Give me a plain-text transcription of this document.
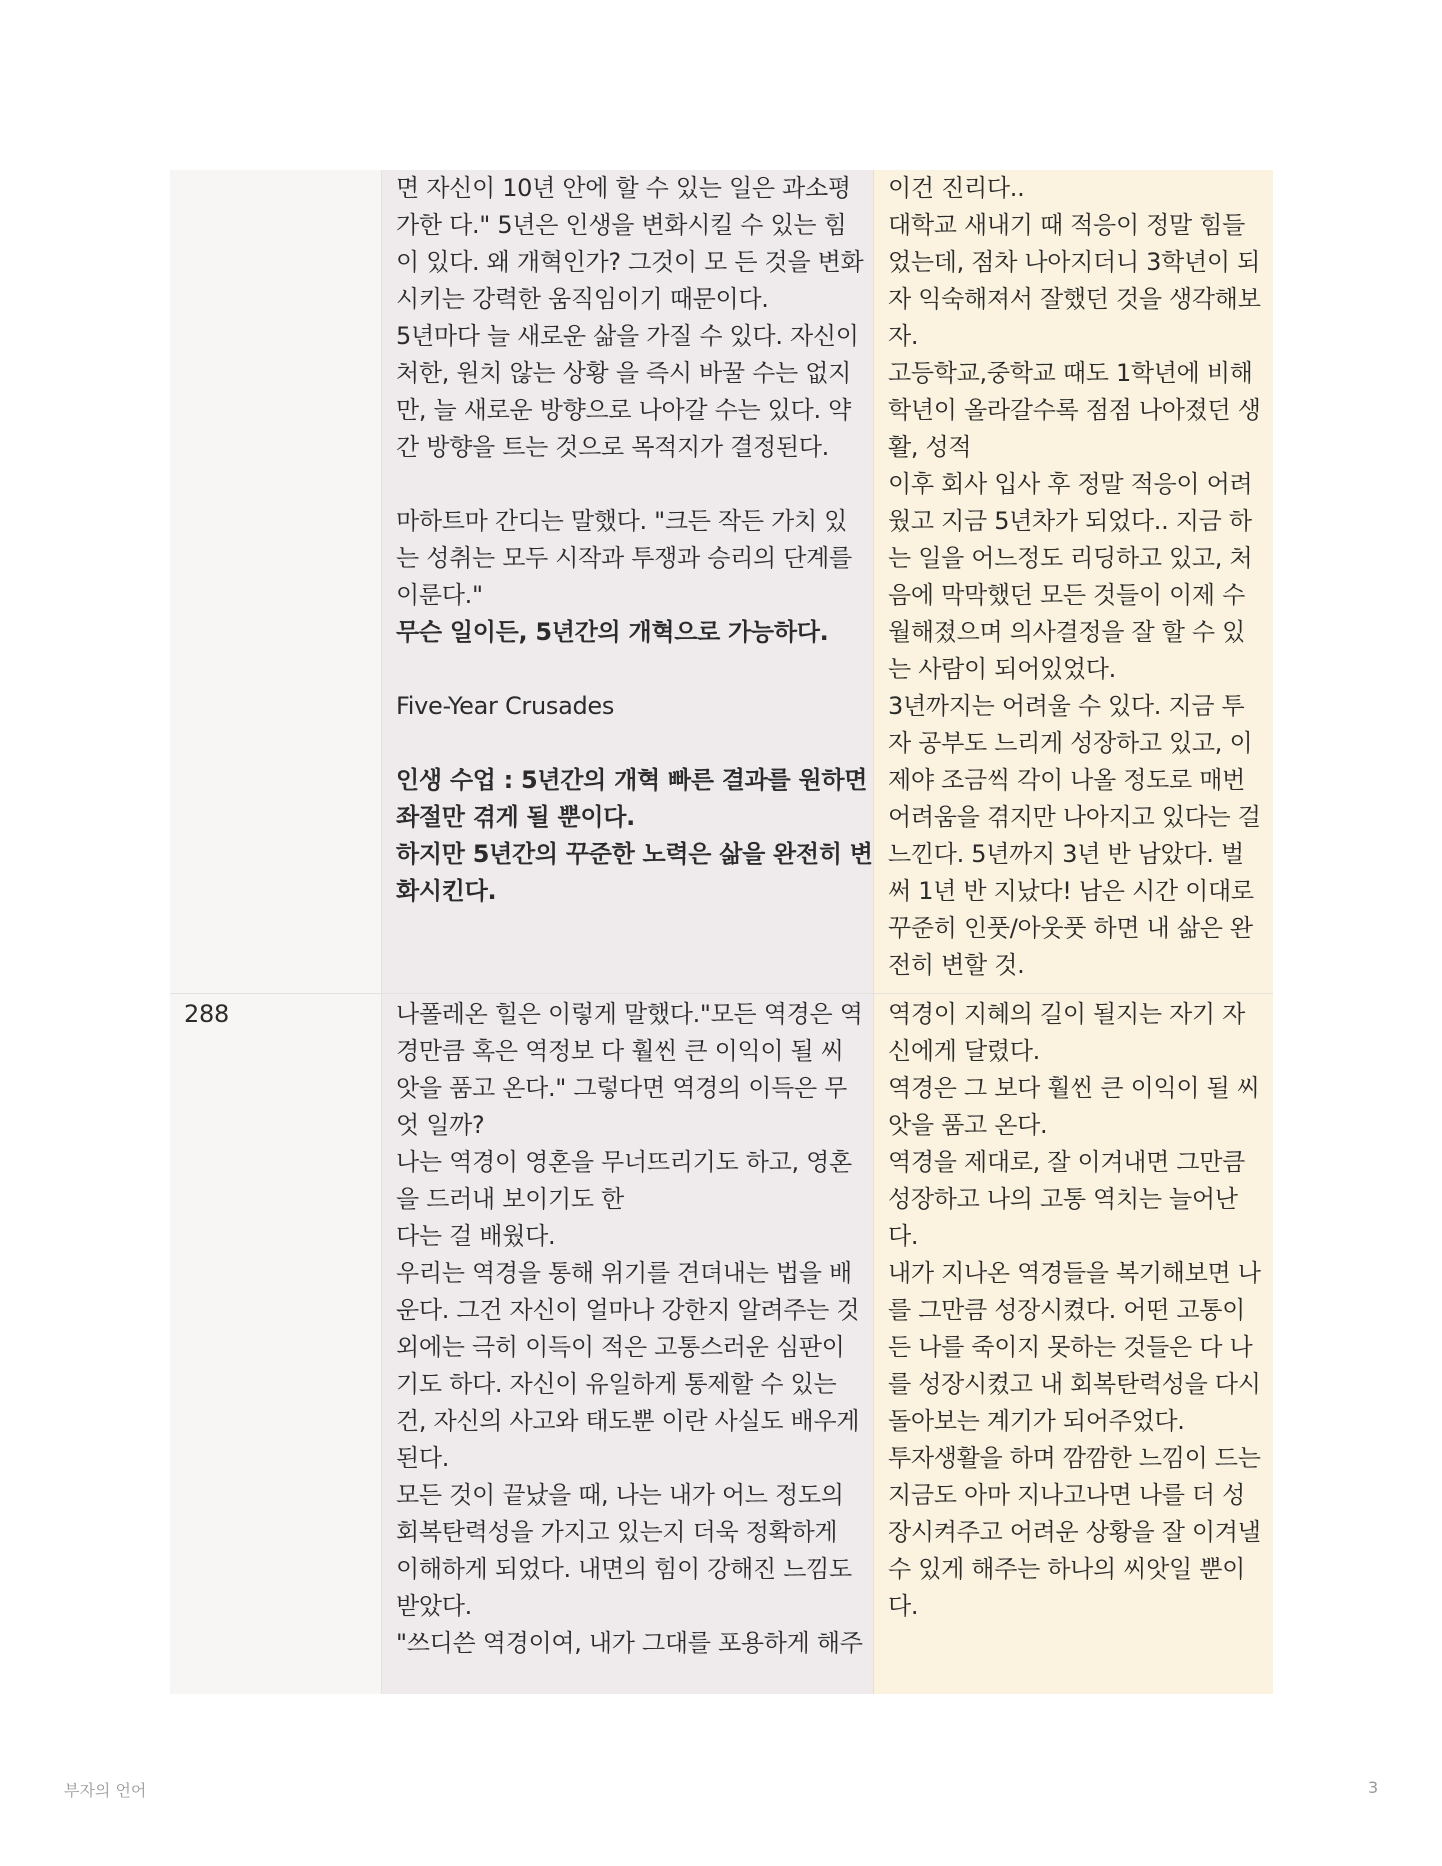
면 자신이 10년 안에 할 수 있는 일은 과소평
가한 다." 5년은 인생을 변화시킬 수 있는 힘
이 있다. 왜 개혁인가? 그것이 모 든 것을 변화
시키는 강력한 움직임이기 때문이다.
5년마다 늘 새로운 삶을 가질 수 있다. 자신이
처한, 원치 않는 상황 을 즉시 바꿀 수는 없지
만, 늘 새로운 방향으로 나아갈 수는 있다. 약
간 방향을 트는 것으로 목적지가 결정된다.
마하트마 간디는 말했다. "크든 작든 가치 있
는 성취는 모두 시작과 투쟁과 승리의 단계를
이룬다."
무슨 일이든, 5년간의 개혁으로 가능하다.
Five-Year Crusades
인생 수업 : 5년간의 개혁 빠른 결과를 원하면
좌절만 겪게 될 뿐이다.
하지만 5년간의 꾸준한 노력은 삶을 완전히 변
화시킨다.
이건 진리다..
대학교 새내기 때 적응이 정말 힘들
었는데, 점차 나아지더니 3학년이 되
자 익숙해져서 잘했던 것을 생각해보
자.
고등학교,중학교 때도 1학년에 비해
학년이 올라갈수록 점점 나아졌던 생
활, 성적
이후 회사 입사 후 정말 적응이 어려
웠고 지금 5년차가 되었다.. 지금 하
는 일을 어느정도 리딩하고 있고, 처
음에 막막했던 모든 것들이 이제 수
월해졌으며 의사결정을 잘 할 수 있
는 사람이 되어있었다.
3년까지는 어려울 수 있다. 지금 투
자 공부도 느리게 성장하고 있고, 이
제야 조금씩 각이 나올 정도로 매번
어려움을 겪지만 나아지고 있다는 걸
느낀다. 5년까지 3년 반 남았다. 벌
써 1년 반 지났다! 남은 시간 이대로
꾸준히 인풋/아웃풋 하면 내 삶은 완
전히 변할 것.
288	나폴레온 힐은 이렇게 말했다."모든 역경은 역
경만큼 혹은 역정보 다 훨씬 큰 이익이 될 씨
앗을 품고 온다." 그렇다면 역경의 이득은 무
엇 일까?
나는 역경이 영혼을 무너뜨리기도 하고, 영혼
을 드러내 보이기도 한
다는 걸 배웠다.
우리는 역경을 통해 위기를 견뎌내는 법을 배
운다. 그건 자신이 얼마나 강한지 알려주는 것
외에는 극히 이득이 적은 고통스러운 심판이
기도 하다. 자신이 유일하게 통제할 수 있는
건, 자신의 사고와 태도뿐 이란 사실도 배우게
된다.
모든 것이 끝났을 때, 나는 내가 어느 정도의
회복탄력성을 가지고 있는지 더욱 정확하게
이해하게 되었다. 내면의 힘이 강해진 느낌도
받았다.
"쓰디쓴 역경이여, 내가 그대를 포용하게 해주
역경이 지혜의 길이 될지는 자기 자
신에게 달렸다.
역경은 그 보다 훨씬 큰 이익이 될 씨
앗을 품고 온다.
역경을 제대로, 잘 이겨내면 그만큼
성장하고 나의 고통 역치는 늘어난
다.
내가 지나온 역경들을 복기해보면 나
를 그만큼 성장시켰다. 어떤 고통이
든 나를 죽이지 못하는 것들은 다 나
를 성장시켰고 내 회복탄력성을 다시
돌아보는 계기가 되어주었다.
투자생활을 하며 깜깜한 느낌이 드는
지금도 아마 지나고나면 나를 더 성
장시켜주고 어려운 상황을 잘 이겨낼
수 있게 해주는 하나의 씨앗일 뿐이
다.
부자의 언어	3
